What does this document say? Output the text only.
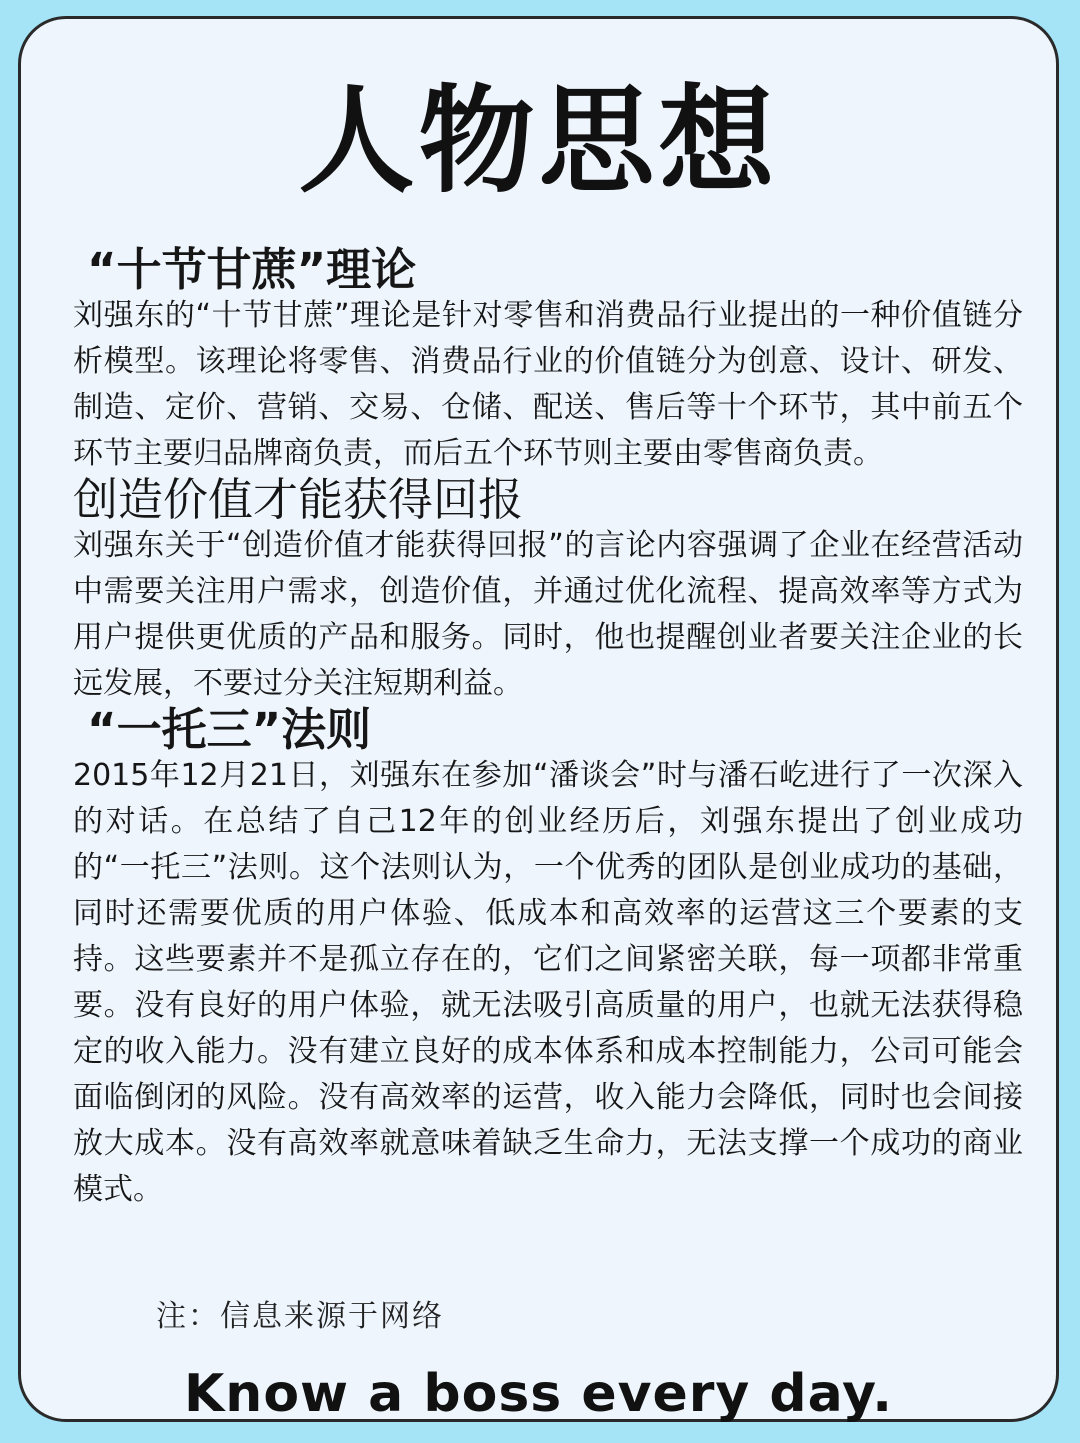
人物思想
“十节甘蔗”理论

刘强东的“十节甘蔗”理论是针对零售和消费品行业提出的一种价值链分析模型。该理论将零售、消费品行业的价值链分为创意、设计、研发、制造、定价、营销、交易、仓储、配送、售后等十个环节，其中前五个环节主要归品牌商负责，而后五个环节则主要由零售商负责。

创造价值才能获得回报

刘强东关于“创造价值才能获得回报”的言论内容强调了企业在经营活动中需要关注用户需求，创造价值，并通过优化流程、提高效率等方式为用户提供更优质的产品和服务。同时，他也提醒创业者要关注企业的长远发展，不要过分关注短期利益。

“一托三”法则

2015年12月21日，刘强东在参加“潘谈会”时与潘石屹进行了一次深入的对话。在总结了自己12年的创业经历后，刘强东提出了创业成功的“一托三”法则。这个法则认为，一个优秀的团队是创业成功的基础，同时还需要优质的用户体验、低成本和高效率的运营这三个要素的支持。这些要素并不是孤立存在的，它们之间紧密关联，每一项都非常重要。没有良好的用户体验，就无法吸引高质量的用户，也就无法获得稳定的收入能力。没有建立良好的成本体系和成本控制能力，公司可能会面临倒闭的风险。没有高效率的运营，收入能力会降低，同时也会间接放大成本。没有高效率就意味着缺乏生命力，无法支撑一个成功的商业模式。

注：信息来源于网络
Know a boss every day.
